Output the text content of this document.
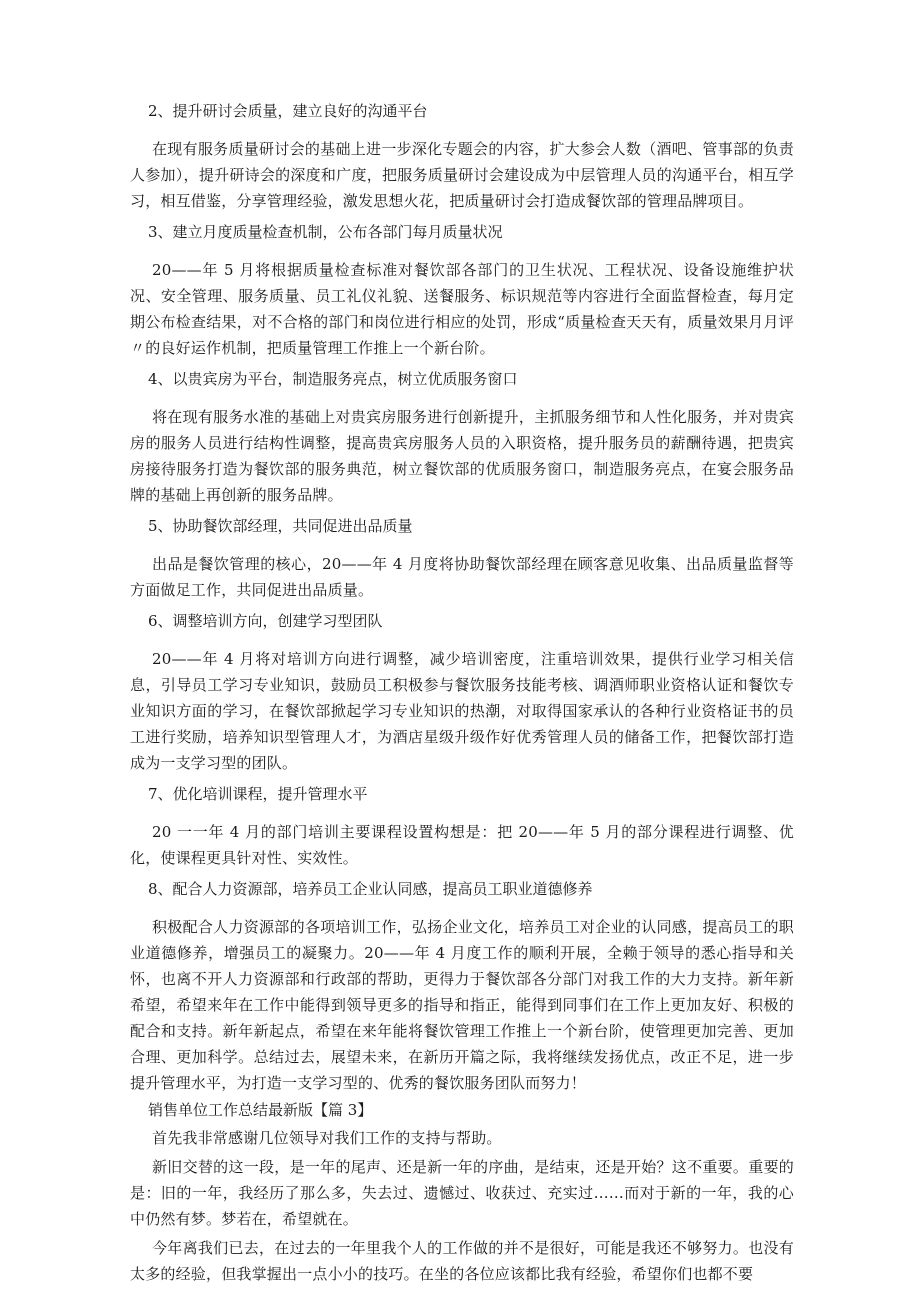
2、提升研讨会质量，建立良好的沟通平台

在现有服务质量研讨会的基础上进一步深化专题会的内容，扩大参会人数（酒吧、管事部的负责人参加），提升研诗会的深度和广度，把服务质量研讨会建设成为中层管理人员的沟通平台，相互学习，相互借鉴，分享管理经验，激发思想火花，把质量研讨会打造成餐饮部的管理品牌项目。

3、建立月度质量检查机制，公布各部门每月质量状况

20——年 5 月将根据质量检查标准对餐饮部各部门的卫生状况、工程状况、设备设施维护状况、安全管理、服务质量、员工礼仪礼貌、送餐服务、标识规范等内容进行全面监督检查，每月定期公布检查结果，对不合格的部门和岗位进行相应的处罚，形成“质量检查天天有，质量效果月月评〃的良好运作机制，把质量管理工作推上一个新台阶。

4、以贵宾房为平台，制造服务亮点，树立优质服务窗口

将在现有服务水准的基础上对贵宾房服务进行创新提升，主抓服务细节和人性化服务，并对贵宾房的服务人员进行结构性调整，提高贵宾房服务人员的入职资格，提升服务员的薪酬待遇，把贵宾房接待服务打造为餐饮部的服务典范，树立餐饮部的优质服务窗口，制造服务亮点，在宴会服务品牌的基础上再创新的服务品牌。

5、协助餐饮部经理，共同促进出品质量

出品是餐饮管理的核心，20——年 4 月度将协助餐饮部经理在顾客意见收集、出品质量监督等方面做足工作，共同促进出品质量。

6、调整培训方向，创建学习型团队

20——年 4 月将对培训方向进行调整，减少培训密度，注重培训效果，提供行业学习相关信息，引导员工学习专业知识，鼓励员工积极参与餐饮服务技能考核、调酒师职业资格认证和餐饮专业知识方面的学习，在餐饮部掀起学习专业知识的热潮，对取得国家承认的各种行业资格证书的员工进行奖励，培养知识型管理人才，为酒店星级升级作好优秀管理人员的储备工作，把餐饮部打造成为一支学习型的团队。

7、优化培训课程，提升管理水平

20 一一年 4 月的部门培训主要课程设置构想是：把 20——年 5 月的部分课程进行调整、优化，使课程更具针对性、实效性。

8、配合人力资源部，培养员工企业认同感，提高员工职业道德修养

积极配合人力资源部的各项培训工作，弘扬企业文化，培养员工对企业的认同感，提高员工的职业道德修养，增强员工的凝聚力。20——年 4 月度工作的顺利开展，全赖于领导的悉心指导和关怀，也离不开人力资源部和行政部的帮助，更得力于餐饮部各分部门对我工作的大力支持。新年新希望，希望来年在工作中能得到领导更多的指导和指正，能得到同事们在工作上更加友好、积极的配合和支持。新年新起点，希望在来年能将餐饮管理工作推上一个新台阶，使管理更加完善、更加合理、更加科学。总结过去，展望未来，在新历开篇之际，我将继续发扬优点，改正不足，进一步提升管理水平，为打造一支学习型的、优秀的餐饮服务团队而努力！

销售单位工作总结最新版【篇 3】

首先我非常感谢几位领导对我们工作的支持与帮助。

新旧交替的这一段，是一年的尾声、还是新一年的序曲，是结束，还是开始？这不重要。重要的是：旧的一年，我经历了那么多，失去过、遗憾过、收获过、充实过……而对于新的一年，我的心中仍然有梦。梦若在，希望就在。

今年离我们已去，在过去的一年里我个人的工作做的并不是很好，可能是我还不够努力。也没有太多的经验，但我掌握出一点小小的技巧。在坐的各位应该都比我有经验，希望你们也都不要
